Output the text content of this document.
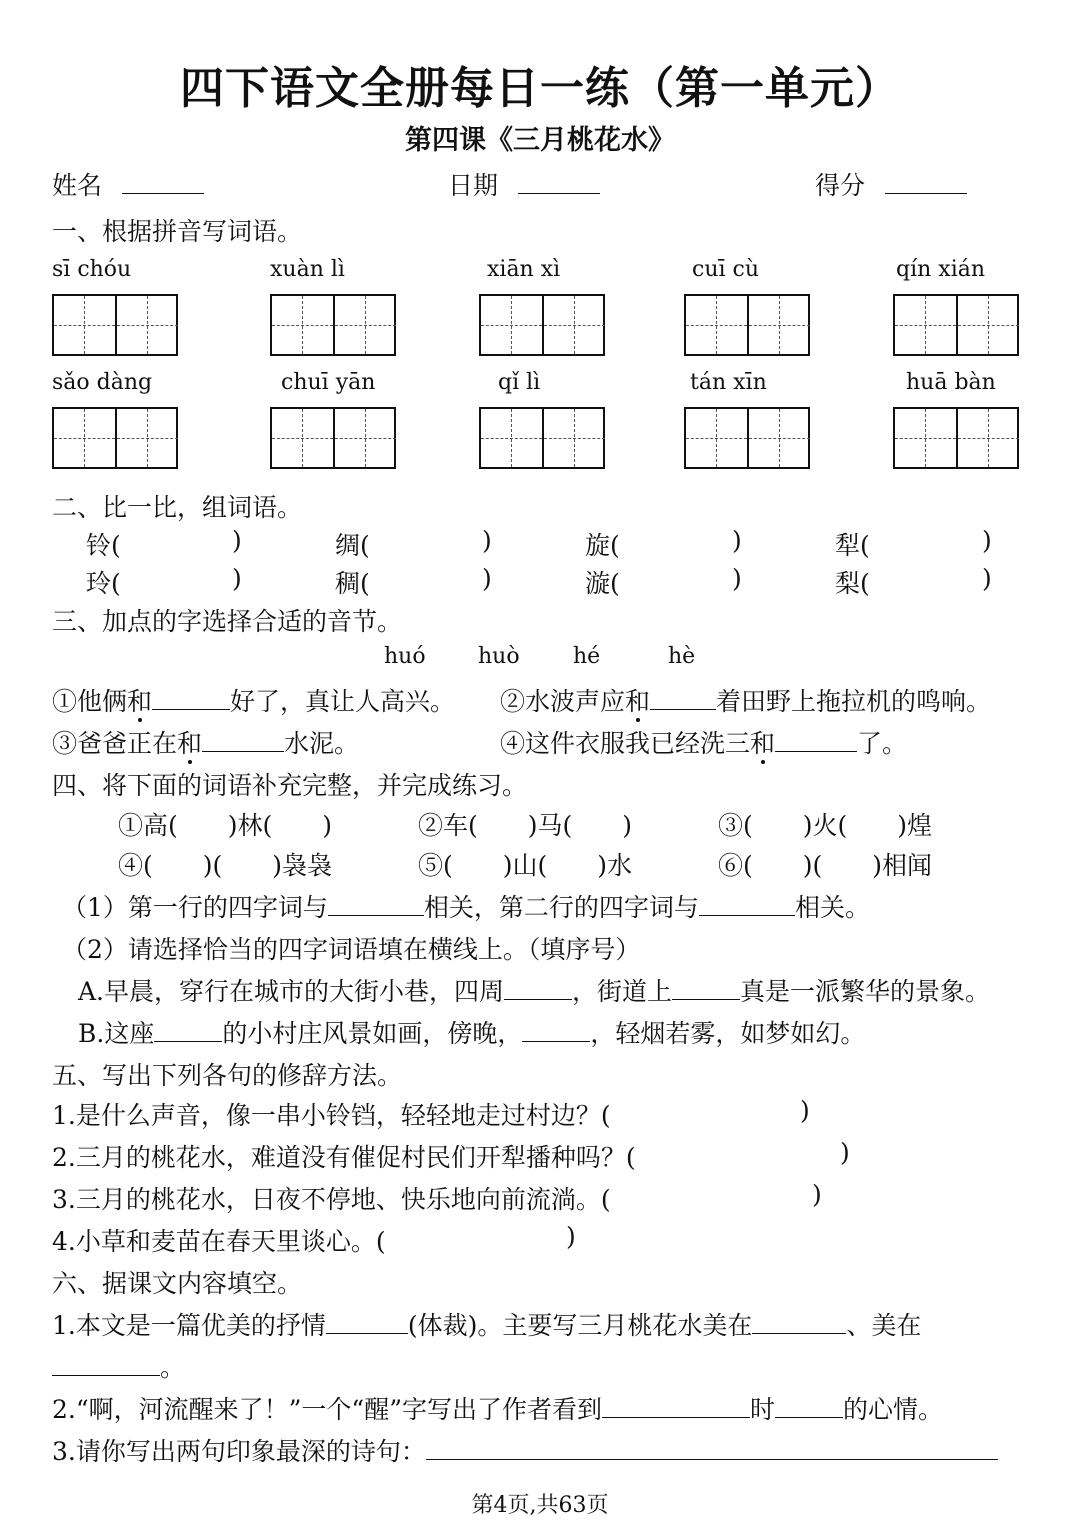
四下语文全册每日一练（第一单元）
第四课《三月桃花水》
姓名	日期	得分
一、根据拼音写词语。
sī chóu	xuàn lì	xiān xì	cuī cù	qín xián
sǎo dàng	chuī yān	qǐ lì	tán xīn	huā bàn
二、比一比，组词语。
铃(	)	绸(	)	旋(	)	犁(	)
玲(	)	稠(	)	漩(	)	梨(	)
三、加点的字选择合适的音节。
huó huò hé	hè
①他俩和	好了，真让人高兴。 ②水波声应和	着田野上拖拉机的鸣响。
③爸爸正在和	水泥。	④这件衣服我已经洗三和	了。
四、将下面的词语补充完整，并完成练习。
①高(　　)林(　　)	②车(　　)马(　　)	③(　　)火(　　)煌
④(　　)(　　)袅袅	⑤(　　)山(　　)水	⑥(　　)(　　)相闻
（1）第一行的四字词与	相关，第二行的四字词与	相关。
（2）请选择恰当的四字词语填在横线上。（填序号）
A.早晨，穿行在城市的大街小巷，四周	，街道上	真是一派繁华的景象。
B.这座	的小村庄风景如画，傍晚，	，轻烟若雾，如梦如幻。
五、写出下列各句的修辞方法。
1.是什么声音，像一串小铃铛，轻轻地走过村边？(	)
2.三月的桃花水，难道没有催促村民们开犁播种吗？(	)
3.三月的桃花水，日夜不停地、快乐地向前流淌。(	)
4.小草和麦苗在春天里谈心。(	)
六、据课文内容填空。
1.本文是一篇优美的抒情	(体裁)。主要写三月桃花水美在	、美在
。
2.“啊，河流醒来了！”一个“醒”字写出了作者看到	时	的心情。
3.请你写出两句印象最深的诗句：
第4页,共63页
